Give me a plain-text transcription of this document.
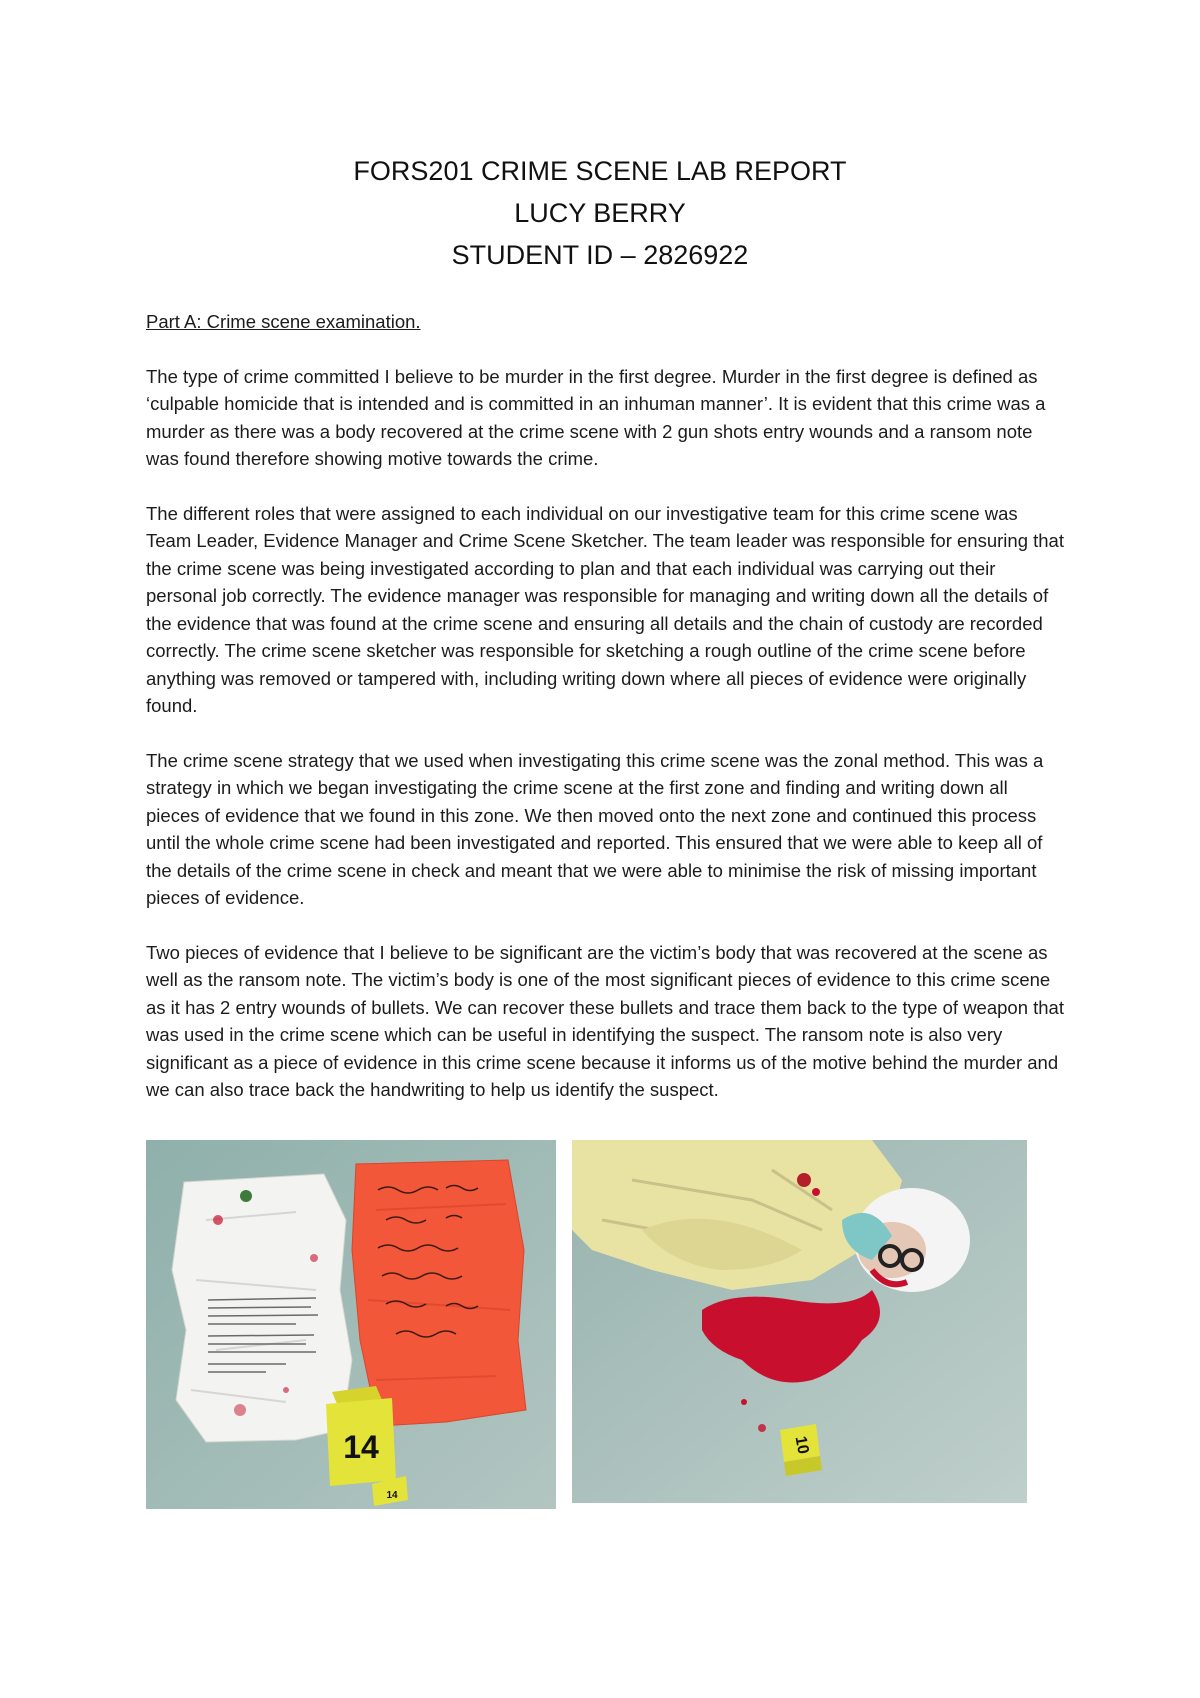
FORS201 CRIME SCENE LAB REPORT
LUCY BERRY
STUDENT ID – 2826922
Part A: Crime scene examination.

The type of crime committed I believe to be murder in the first degree. Murder in the first degree is defined as ‘culpable homicide that is intended and is committed in an inhuman manner’. It is evident that this crime was a murder as there was a body recovered at the crime scene with 2 gun shots entry wounds and a ransom note was found therefore showing motive towards the crime.

The different roles that were assigned to each individual on our investigative team for this crime scene was Team Leader, Evidence Manager and Crime Scene Sketcher. The team leader was responsible for ensuring that the crime scene was being investigated according to plan and that each individual was carrying out their personal job correctly. The evidence manager was responsible for managing and writing down all the details of the evidence that was found at the crime scene and ensuring all details and the chain of custody are recorded correctly. The crime scene sketcher was responsible for sketching a rough outline of the crime scene before anything was removed or tampered with, including writing down where all pieces of evidence were originally found.

The crime scene strategy that we used when investigating this crime scene was the zonal method. This was a strategy in which we began investigating the crime scene at the first zone and finding and writing down all pieces of evidence that we found in this zone. We then moved onto the next zone and continued this process until the whole crime scene had been investigated and reported. This ensured that we were able to keep all of the details of the crime scene in check and meant that we were able to minimise the risk of missing important pieces of evidence.

Two pieces of evidence that I believe to be significant are the victim’s body that was recovered at the scene as well as the ransom note. The victim’s body is one of the most significant pieces of evidence to this crime scene as it has 2 entry wounds of bullets. We can recover these bullets and trace them back to the type of weapon that was used in the crime scene which can be useful in identifying the suspect. The ransom note is also very significant as a piece of evidence in this crime scene because it informs us of the motive behind the murder and we can also trace back the handwriting to help us identify the suspect.

14
14
10
